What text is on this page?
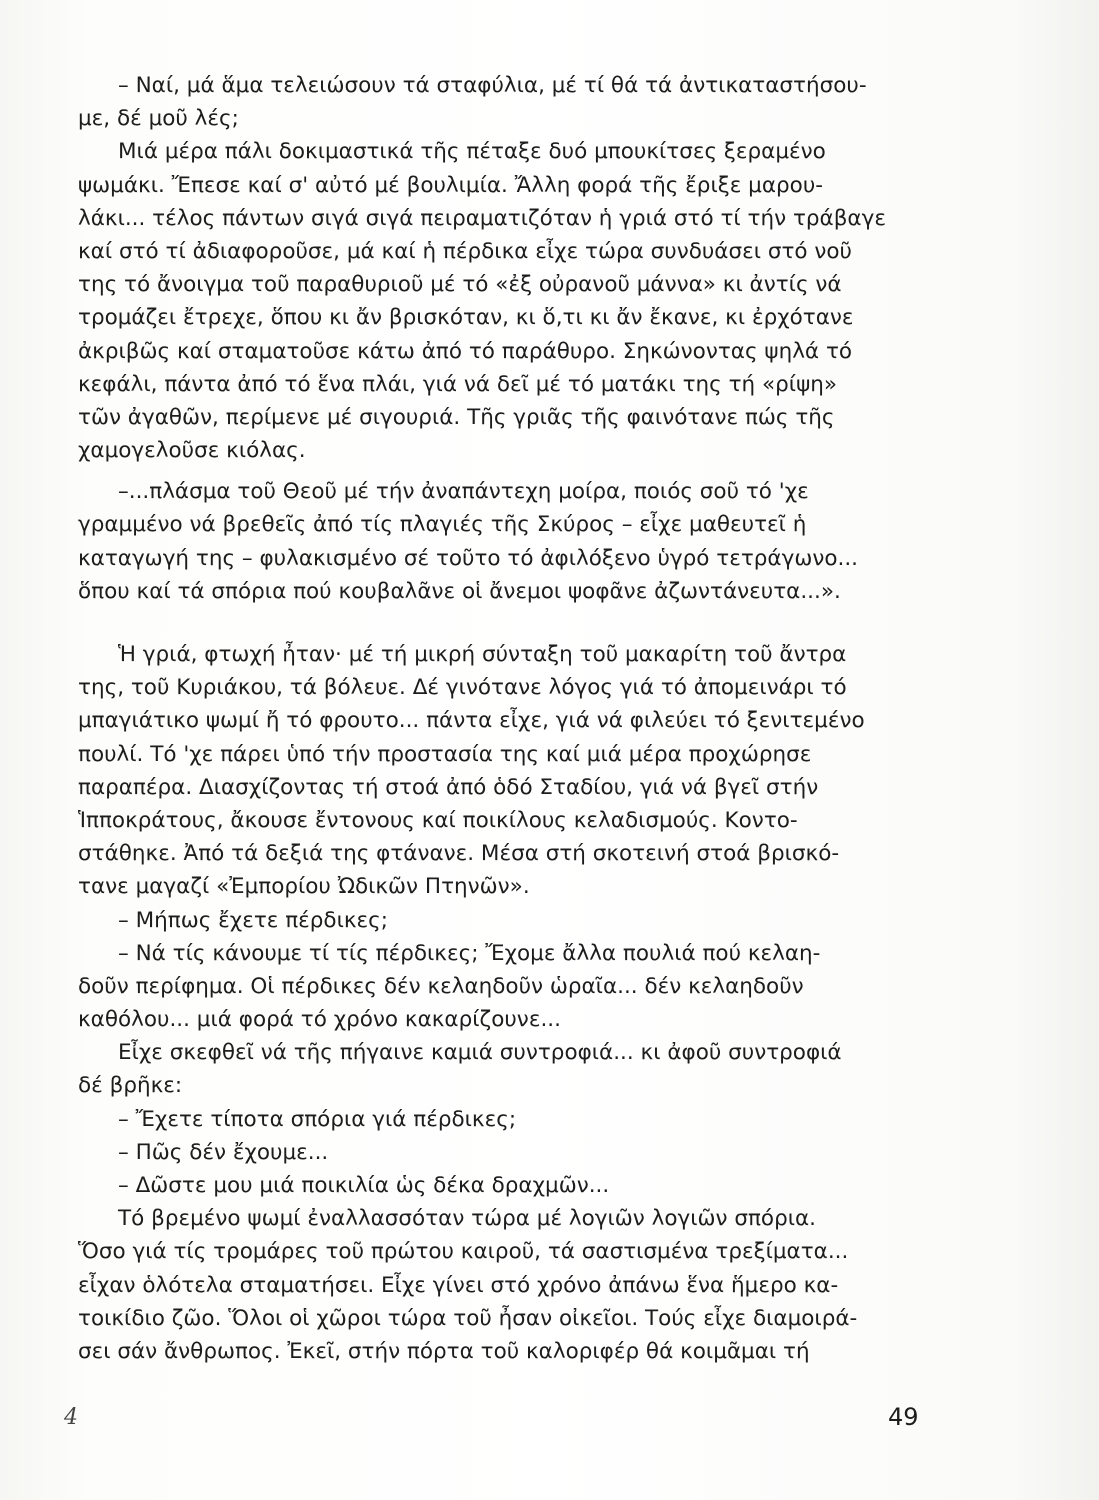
– Ναί, μά ἅμα τελειώσουν τά σταφύλια, μέ τί θά τά ἀντικαταστήσου-
με, δέ μοῦ λές;
Μιά μέρα πάλι δοκιμαστικά τῆς πέταξε δυό μπουκίτσες ξεραμένο
ψωμάκι. Ἔπεσε καί σ' αὐτό μέ βουλιμία. Ἄλλη φορά τῆς ἔριξε μαρου-
λάκι... τέλος πάντων σιγά σιγά πειραματιζόταν ἡ γριά στό τί τήν τράβαγε
καί στό τί ἀδιαφοροῦσε, μά καί ἡ πέρδικα εἶχε τώρα συνδυάσει στό νοῦ
της τό ἄνοιγμα τοῦ παραθυριοῦ μέ τό «ἐξ οὐρανοῦ μάννα» κι ἀντίς νά
τρομάζει ἔτρεχε, ὅπου κι ἄν βρισκόταν, κι ὅ,τι κι ἄν ἔκανε, κι ἐρχότανε
ἀκριβῶς καί σταματοῦσε κάτω ἀπό τό παράθυρο. Σηκώνοντας ψηλά τό
κεφάλι, πάντα ἀπό τό ἕνα πλάι, γιά νά δεῖ μέ τό ματάκι της τή «ρίψη»
τῶν ἀγαθῶν, περίμενε μέ σιγουριά. Τῆς γριᾶς τῆς φαινότανε πώς τῆς
χαμογελοῦσε κιόλας.
–...πλάσμα τοῦ Θεοῦ μέ τήν ἀναπάντεχη μοίρα, ποιός σοῦ τό 'χε
γραμμένο νά βρεθεῖς ἀπό τίς πλαγιές τῆς Σκύρος – εἶχε μαθευτεῖ ἡ
καταγωγή της – φυλακισμένο σέ τοῦτο τό ἀφιλόξενο ὑγρό τετράγωνο...
ὅπου καί τά σπόρια πού κουβαλᾶνε οἱ ἄνεμοι ψοφᾶνε ἀζωντάνευτα...».
Ἡ γριά, φτωχή ἦταν· μέ τή μικρή σύνταξη τοῦ μακαρίτη τοῦ ἄντρα
της, τοῦ Κυριάκου, τά βόλευε. Δέ γινότανε λόγος γιά τό ἀπομεινάρι τό
μπαγιάτικο ψωμί ἤ τό φρουτο... πάντα εἶχε, γιά νά φιλεύει τό ξενιτεμένο
πουλί. Τό 'χε πάρει ὑπό τήν προστασία της καί μιά μέρα προχώρησε
παραπέρα. Διασχίζοντας τή στοά ἀπό ὁδό Σταδίου, γιά νά βγεῖ στήν
Ἱπποκράτους, ἄκουσε ἔντονους καί ποικίλους κελαδισμούς. Κοντο-
στάθηκε. Ἀπό τά δεξιά της φτάνανε. Μέσα στή σκοτεινή στοά βρισκό-
τανε μαγαζί «Ἐμπορίου Ὠδικῶν Πτηνῶν».
– Μήπως ἔχετε πέρδικες;
– Νά τίς κάνουμε τί τίς πέρδικες; Ἔχομε ἄλλα πουλιά πού κελαη-
δοῦν περίφημα. Οἱ πέρδικες δέν κελαηδοῦν ὡραῖα... δέν κελαηδοῦν
καθόλου... μιά φορά τό χρόνο κακαρίζουνε...
Εἶχε σκεφθεῖ νά τῆς πήγαινε καμιά συντροφιά... κι ἀφοῦ συντροφιά
δέ βρῆκε:
– Ἔχετε τίποτα σπόρια γιά πέρδικες;
– Πῶς δέν ἔχουμε...
– Δῶστε μου μιά ποικιλία ὡς δέκα δραχμῶν...
Τό βρεμένο ψωμί ἐναλλασσόταν τώρα μέ λογιῶν λογιῶν σπόρια.
Ὅσο γιά τίς τρομάρες τοῦ πρώτου καιροῦ, τά σαστισμένα τρεξίματα...
εἶχαν ὁλότελα σταματήσει. Εἶχε γίνει στό χρόνο ἀπάνω ἕνα ἥμερο κα-
τοικίδιο ζῶο. Ὅλοι οἱ χῶροι τώρα τοῦ ἦσαν οἰκεῖοι. Τούς εἶχε διαμοιρά-
σει σάν ἄνθρωπος. Ἐκεῖ, στήν πόρτα τοῦ καλοριφέρ θά κοιμᾶμαι τή
4	49
